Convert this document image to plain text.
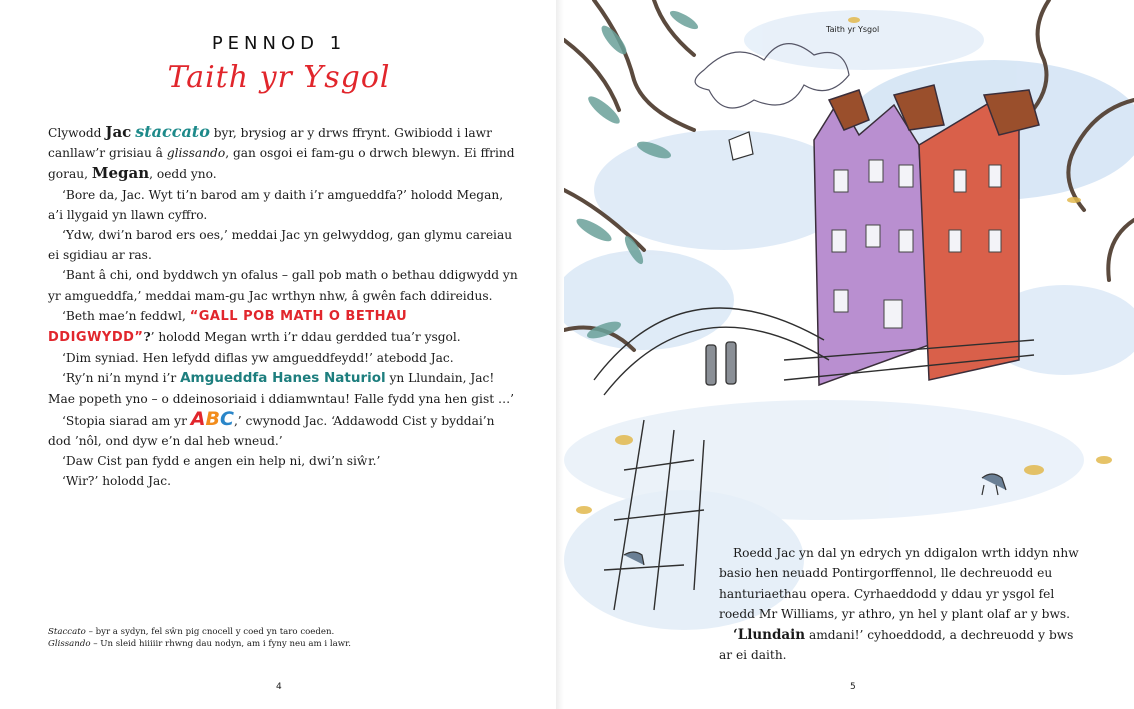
PENNOD 1
Taith yr Ysgol

Clywodd Jac staccato byr, brysiog ar y drws ffrynt. Gwibiodd i lawr canllaw’r grisiau â glissando, gan osgoi ei fam-gu o drwch blewyn. Ei ffrind gorau, Megan, oedd yno.

‘Bore da, Jac. Wyt ti’n barod am y daith i’r amgueddfa?’ holodd Megan, a’i llygaid yn llawn cyffro.

‘Ydw, dwi’n barod ers oes,’ meddai Jac yn gelwyddog, gan glymu careiau ei sgidiau ar ras.

‘Bant â chi, ond byddwch yn ofalus – gall pob math o bethau ddigwydd yn yr amgueddfa,’ meddai mam-gu Jac wrthyn nhw, â gwên fach ddireidus.

‘Beth mae’n feddwl, “GALL POB MATH O BETHAU DDIGWYDD”?’ holodd Megan wrth i’r ddau gerdded tua’r ysgol.

‘Dim syniad. Hen lefydd diflas yw amgueddfeydd!’ atebodd Jac.

‘Ry’n ni’n mynd i’r Amgueddfa Hanes Naturiol yn Llundain, Jac! Mae popeth yno – o ddeinosoriaid i ddiamwntau! Falle fydd yna hen gist …’

‘Stopia siarad am yr ABC,’ cwynodd Jac. ‘Addawodd Cist y byddai’n dod ’nôl, ond dyw e’n dal heb wneud.’

‘Daw Cist pan fydd e angen ein help ni, dwi’n siŵr.’

‘Wir?’ holodd Jac.

Staccato – byr a sydyn, fel sŵn pig cnocell y coed yn taro coeden.
Glissando – Un sleid hiiiiir rhwng dau nodyn, am i fyny neu am i lawr.
4
Taith yr Ysgol

Roedd Jac yn dal yn edrych yn ddigalon wrth iddyn nhw basio hen neuadd Pontirgorffennol, lle dechreuodd eu hanturiaethau opera. Cyrhaeddodd y ddau yr ysgol fel roedd Mr Williams, yr athro, yn hel y plant olaf ar y bws.

‘Llundain amdani!’ cyhoeddodd, a dechreuodd y bws ar ei daith.

5
